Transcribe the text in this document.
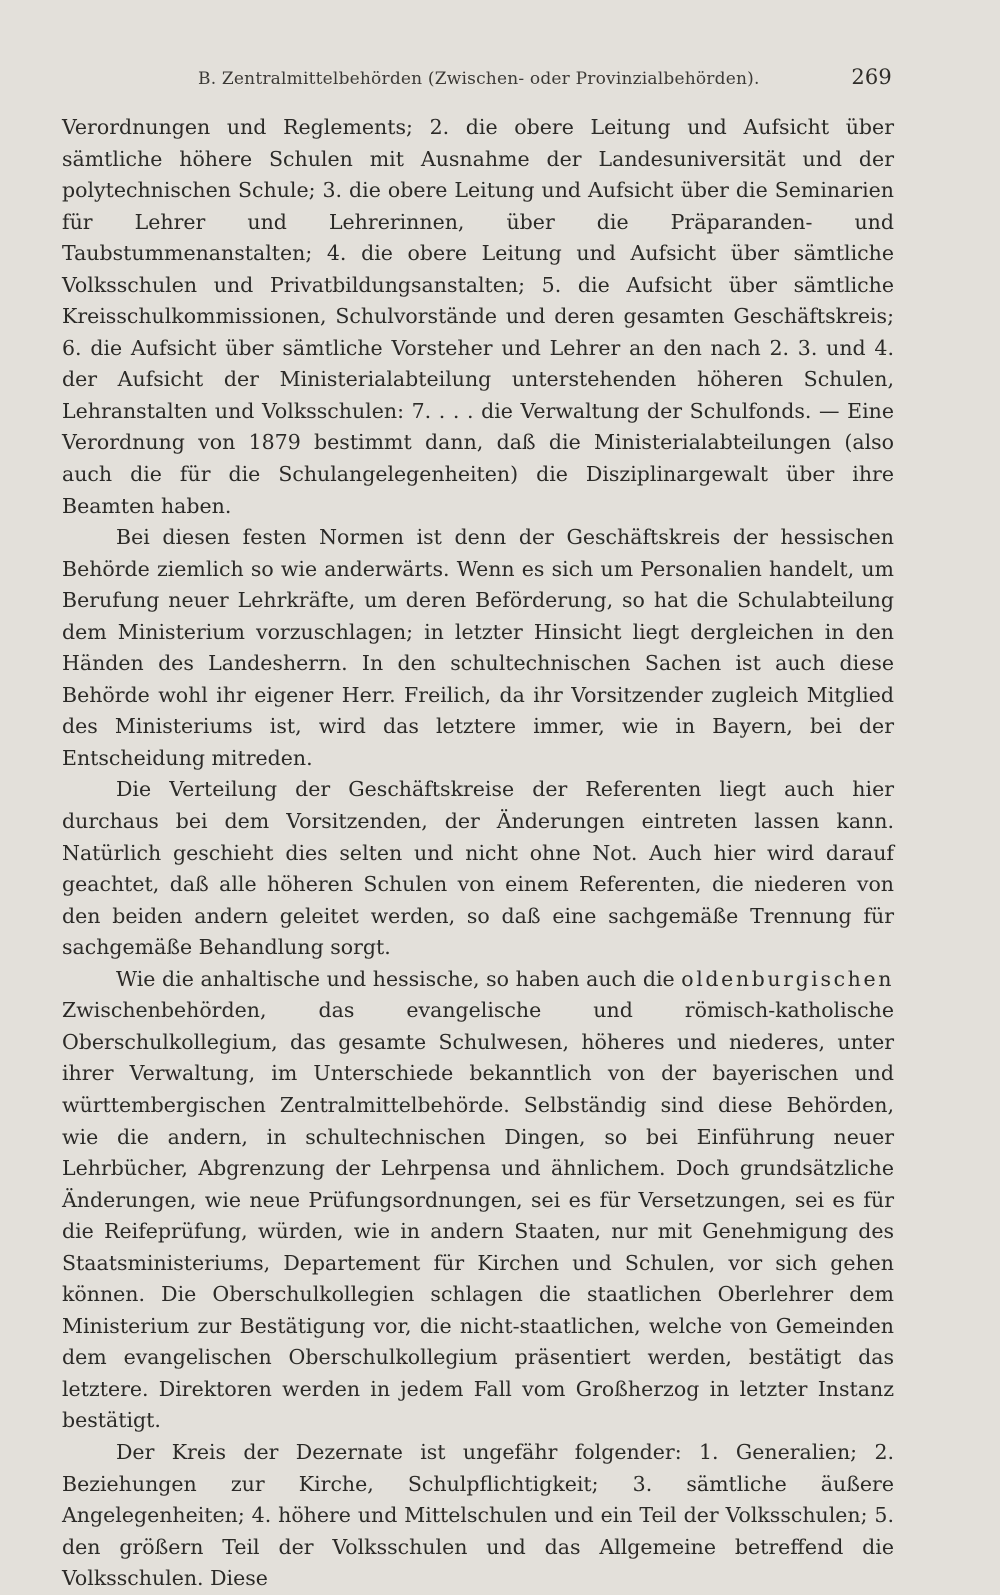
B. Zentralmittelbehörden (Zwischen- oder Provinzialbehörden).	269

Verordnungen und Reglements; 2. die obere Leitung und Aufsicht über sämtliche höhere Schulen mit Ausnahme der Landesuniversität und der polytechnischen Schule; 3. die obere Leitung und Aufsicht über die Seminarien für Lehrer und Lehrerinnen, über die Präparanden- und Taubstummenanstalten; 4. die obere Leitung und Aufsicht über sämtliche Volksschulen und Privatbildungsanstalten; 5. die Aufsicht über sämtliche Kreisschulkommissionen, Schulvorstände und deren gesamten Geschäftskreis; 6. die Aufsicht über sämtliche Vorsteher und Lehrer an den nach 2. 3. und 4. der Aufsicht der Ministerialabteilung unterstehenden höheren Schulen, Lehranstalten und Volksschulen: 7. . . . die Verwaltung der Schulfonds. — Eine Verordnung von 1879 bestimmt dann, daß die Ministerialabteilungen (also auch die für die Schulangelegenheiten) die Disziplinargewalt über ihre Beamten haben.

Bei diesen festen Normen ist denn der Geschäftskreis der hessischen Behörde ziemlich so wie anderwärts. Wenn es sich um Personalien handelt, um Berufung neuer Lehrkräfte, um deren Beförderung, so hat die Schulabteilung dem Ministerium vorzuschlagen; in letzter Hinsicht liegt dergleichen in den Händen des Landesherrn. In den schultechnischen Sachen ist auch diese Behörde wohl ihr eigener Herr. Freilich, da ihr Vorsitzender zugleich Mitglied des Ministeriums ist, wird das letztere immer, wie in Bayern, bei der Entscheidung mitreden.

Die Verteilung der Geschäftskreise der Referenten liegt auch hier durchaus bei dem Vorsitzenden, der Änderungen eintreten lassen kann. Natürlich geschieht dies selten und nicht ohne Not. Auch hier wird darauf geachtet, daß alle höheren Schulen von einem Referenten, die niederen von den beiden andern geleitet werden, so daß eine sachgemäße Trennung für sachgemäße Behandlung sorgt.

Wie die anhaltische und hessische, so haben auch die oldenburgischen Zwischenbehörden, das evangelische und römisch-katholische Oberschulkollegium, das gesamte Schulwesen, höheres und niederes, unter ihrer Verwaltung, im Unterschiede bekanntlich von der bayerischen und württembergischen Zentralmittelbehörde. Selbständig sind diese Behörden, wie die andern, in schultechnischen Dingen, so bei Einführung neuer Lehrbücher, Abgrenzung der Lehrpensa und ähnlichem. Doch grundsätzliche Änderungen, wie neue Prüfungsordnungen, sei es für Versetzungen, sei es für die Reifeprüfung, würden, wie in andern Staaten, nur mit Genehmigung des Staatsministeriums, Departement für Kirchen und Schulen, vor sich gehen können. Die Oberschulkollegien schlagen die staatlichen Oberlehrer dem Ministerium zur Bestätigung vor, die nicht-staatlichen, welche von Gemeinden dem evangelischen Oberschulkollegium präsentiert werden, bestätigt das letztere. Direktoren werden in jedem Fall vom Großherzog in letzter Instanz bestätigt.

Der Kreis der Dezernate ist ungefähr folgender: 1. Generalien; 2. Beziehungen zur Kirche, Schulpflichtigkeit; 3. sämtliche äußere Angelegenheiten; 4. höhere und Mittelschulen und ein Teil der Volksschulen; 5. den größern Teil der Volksschulen und das Allgemeine betreffend die Volksschulen. Diese
